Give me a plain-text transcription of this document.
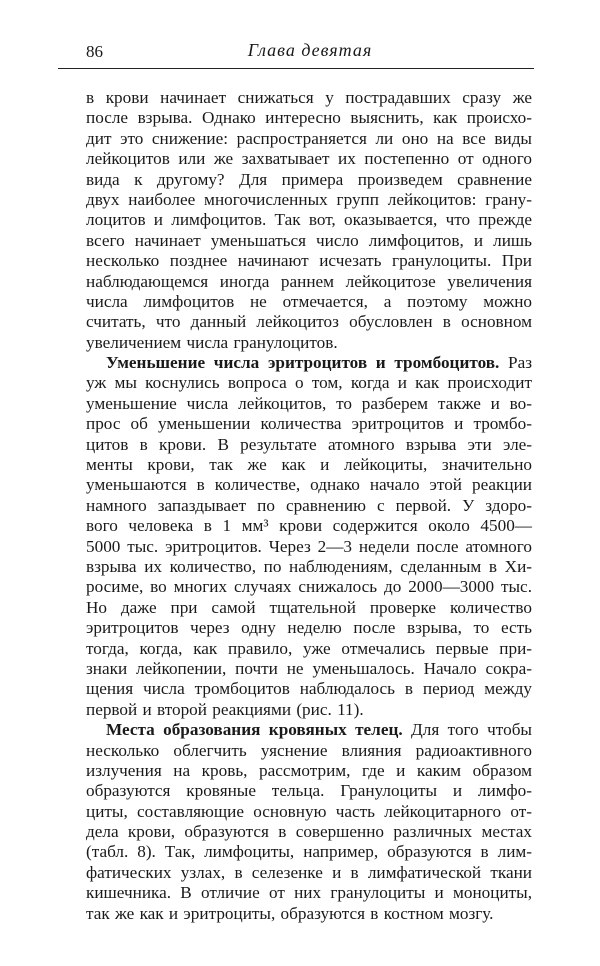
86	Глава девятая
в крови начинает снижаться у пострадавших сразу же
после взрыва. Однако интересно выяснить, как происхо-
дит это снижение: распространяется ли оно на все виды
лейкоцитов или же захватывает их постепенно от одного
вида к другому? Для примера произведем сравнение
двух наиболее многочисленных групп лейкоцитов: грану-
лоцитов и лимфоцитов. Так вот, оказывается, что прежде
всего начинает уменьшаться число лимфоцитов, и лишь
несколько позднее начинают исчезать гранулоциты. При
наблюдающемся иногда раннем лейкоцитозе увеличения
числа лимфоцитов не отмечается, а поэтому можно
считать, что данный лейкоцитоз обусловлен в основном
увеличением числа гранулоцитов.
Уменьшение числа эритроцитов и тромбоцитов. Раз
уж мы коснулись вопроса о том, когда и как происходит
уменьшение числа лейкоцитов, то разберем также и во-
прос об уменьшении количества эритроцитов и тромбо-
цитов в крови. В результате атомного взрыва эти эле-
менты крови, так же как и лейкоциты, значительно
уменьшаются в количестве, однако начало этой реакции
намного запаздывает по сравнению с первой. У здоро-
вого человека в 1 мм³ крови содержится около 4500—
5000 тыс. эритроцитов. Через 2—3 недели после атомного
взрыва их количество, по наблюдениям, сделанным в Хи-
росиме, во многих случаях снижалось до 2000—3000 тыс.
Но даже при самой тщательной проверке количество
эритроцитов через одну неделю после взрыва, то есть
тогда, когда, как правило, уже отмечались первые при-
знаки лейкопении, почти не уменьшалось. Начало сокра-
щения числа тромбоцитов наблюдалось в период между
первой и второй реакциями (рис. 11).
Места образования кровяных телец. Для того чтобы
несколько облегчить уяснение влияния радиоактивного
излучения на кровь, рассмотрим, где и каким образом
образуются кровяные тельца. Гранулоциты и лимфо-
циты, составляющие основную часть лейкоцитарного от-
дела крови, образуются в совершенно различных местах
(табл. 8). Так, лимфоциты, например, образуются в лим-
фатических узлах, в селезенке и в лимфатической ткани
кишечника. В отличие от них гранулоциты и моноциты,
так же как и эритроциты, образуются в костном мозгу.
